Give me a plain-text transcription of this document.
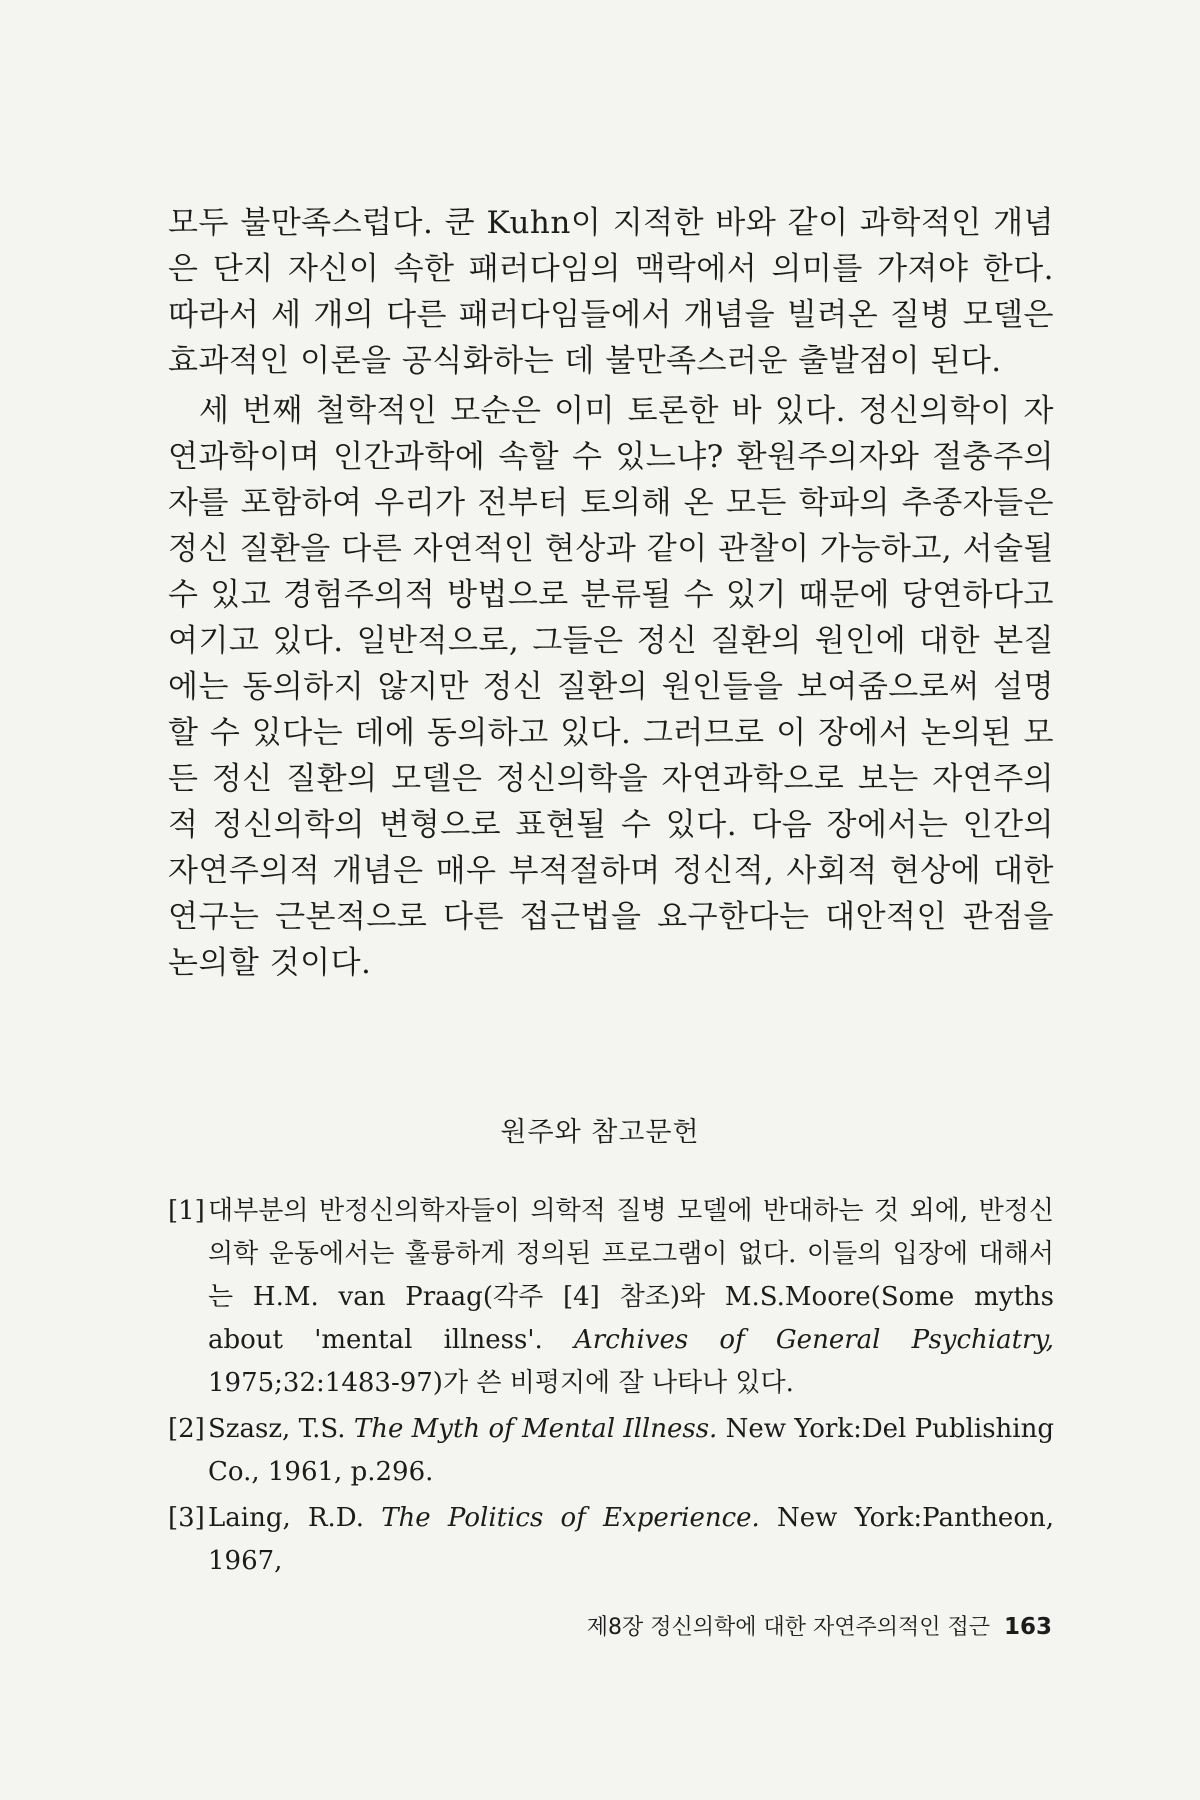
모두 불만족스럽다. 쿤 Kuhn이 지적한 바와 같이 과학적인 개념은 단지 자신이 속한 패러다임의 맥락에서 의미를 가져야 한다. 따라서 세 개의 다른 패러다임들에서 개념을 빌려온 질병 모델은 효과적인 이론을 공식화하는 데 불만족스러운 출발점이 된다.

세 번째 철학적인 모순은 이미 토론한 바 있다. 정신의학이 자연과학이며 인간과학에 속할 수 있느냐? 환원주의자와 절충주의자를 포함하여 우리가 전부터 토의해 온 모든 학파의 추종자들은 정신 질환을 다른 자연적인 현상과 같이 관찰이 가능하고, 서술될 수 있고 경험주의적 방법으로 분류될 수 있기 때문에 당연하다고 여기고 있다. 일반적으로, 그들은 정신 질환의 원인에 대한 본질에는 동의하지 않지만 정신 질환의 원인들을 보여줌으로써 설명할 수 있다는 데에 동의하고 있다. 그러므로 이 장에서 논의된 모든 정신 질환의 모델은 정신의학을 자연과학으로 보는 자연주의적 정신의학의 변형으로 표현될 수 있다. 다음 장에서는 인간의 자연주의적 개념은 매우 부적절하며 정신적, 사회적 현상에 대한 연구는 근본적으로 다른 접근법을 요구한다는 대안적인 관점을 논의할 것이다.

원주와 참고문헌
[1] 대부분의 반정신의학자들이 의학적 질병 모델에 반대하는 것 외에, 반정신의학 운동에서는 훌륭하게 정의된 프로그램이 없다. 이들의 입장에 대해서는 H.M. van Praag(각주 [4] 참조)와 M.S.Moore(Some myths about 'mental illness'. Archives of General Psychiatry, 1975;32:1483-97)가 쓴 비평지에 잘 나타나 있다.
[2] Szasz, T.S. The Myth of Mental Illness. New York:Del Publishing Co., 1961, p.296.
[3] Laing, R.D. The Politics of Experience. New York:Pantheon, 1967,
제8장 정신의학에 대한 자연주의적인 접근 163
